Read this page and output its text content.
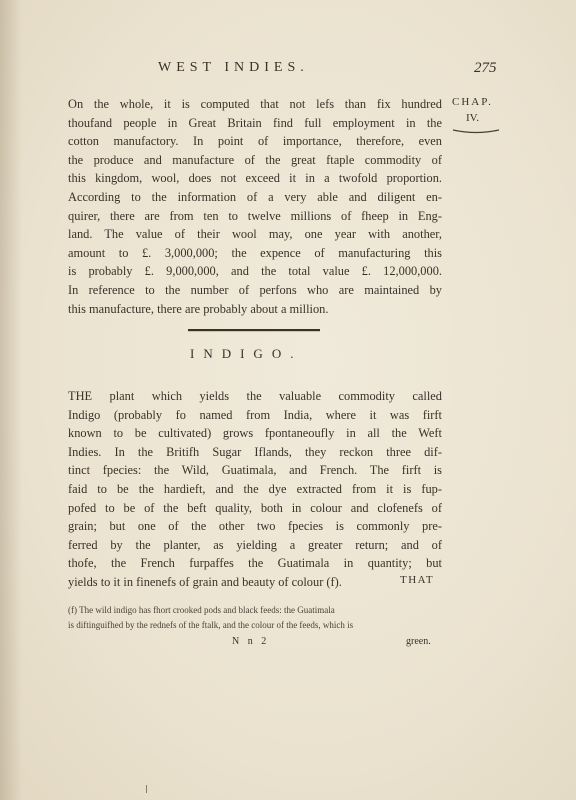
WEST INDIES.	275
CHAP.
IV.
On the whole, it is computed that not lefs than fix hundred
thoufand people in Great Britain find full employment in the
cotton manufactory. In point of importance, therefore, even
the produce and manufacture of the great ftaple commodity of
this kingdom, wool, does not exceed it in a twofold proportion.
According to the information of a very able and diligent en-
quirer, there are from ten to twelve millions of fheep in Eng-
land. The value of their wool may, one year with another,
amount to £. 3,000,000; the expence of manufacturing this
is probably £. 9,000,000, and the total value £. 12,000,000.
In reference to the number of perfons who are maintained by
this manufacture, there are probably about a million.
INDIGO.
THE plant which yields the valuable commodity called
Indigo (probably fo named from India, where it was firft
known to be cultivated) grows fpontaneoufly in all the Weft
Indies. In the Britifh Sugar Iflands, they reckon three dif-
tinct fpecies: the Wild, Guatimala, and French. The firft is
faid to be the hardieft, and the dye extracted from it is fup-
pofed to be of the beft quality, both in colour and clofenefs of
grain; but one of the other two fpecies is commonly pre-
ferred by the planter, as yielding a greater return; and of
thofe, the French furpaffes the Guatimala in quantity; but
yields to it in finenefs of grain and beauty of colour (f).	THAT
(f) The wild indigo has fhort crooked pods and black feeds: the Guatimala
is diftinguifhed by the rednefs of the ftalk, and the colour of the feeds, which is
N n 2	green.
